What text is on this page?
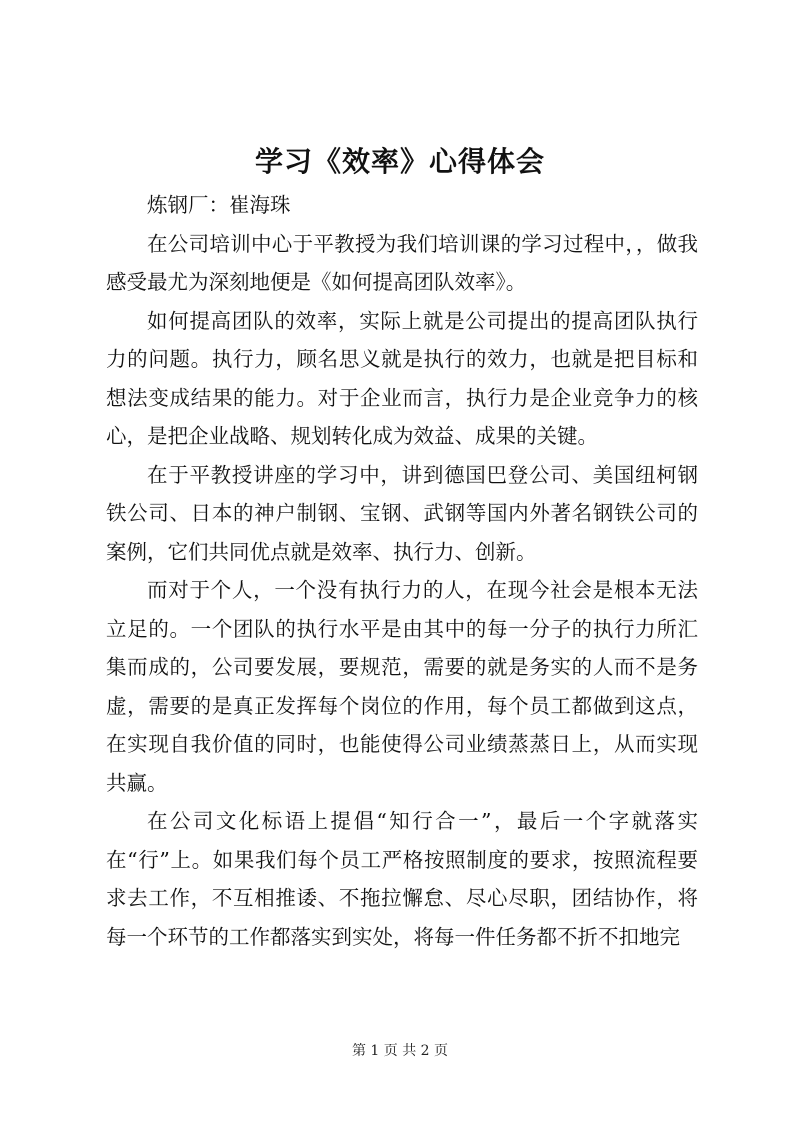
学习《效率》心得体会

炼钢厂：崔海珠

在公司培训中心于平教授为我们培训课的学习过程中，，做我感受最尤为深刻地便是《如何提高团队效率》。

如何提高团队的效率，实际上就是公司提出的提高团队执行力的问题。执行力，顾名思义就是执行的效力，也就是把目标和想法变成结果的能力。对于企业而言，执行力是企业竞争力的核心，是把企业战略、规划转化成为效益、成果的关键。

在于平教授讲座的学习中，讲到德国巴登公司、美国纽柯钢铁公司、日本的神户制钢、宝钢、武钢等国内外著名钢铁公司的案例，它们共同优点就是效率、执行力、创新。

而对于个人，一个没有执行力的人，在现今社会是根本无法立足的。一个团队的执行水平是由其中的每一分子的执行力所汇集而成的，公司要发展，要规范，需要的就是务实的人而不是务虚，需要的是真正发挥每个岗位的作用，每个员工都做到这点，在实现自我价值的同时，也能使得公司业绩蒸蒸日上，从而实现共赢。

在公司文化标语上提倡“知行合一”，最后一个字就落实在“行”上。如果我们每个员工严格按照制度的要求，按照流程要求去工作，不互相推诿、不拖拉懈怠、尽心尽职，团结协作，将每一个环节的工作都落实到实处，将每一件任务都不折不扣地完

第 1 页 共 2 页
